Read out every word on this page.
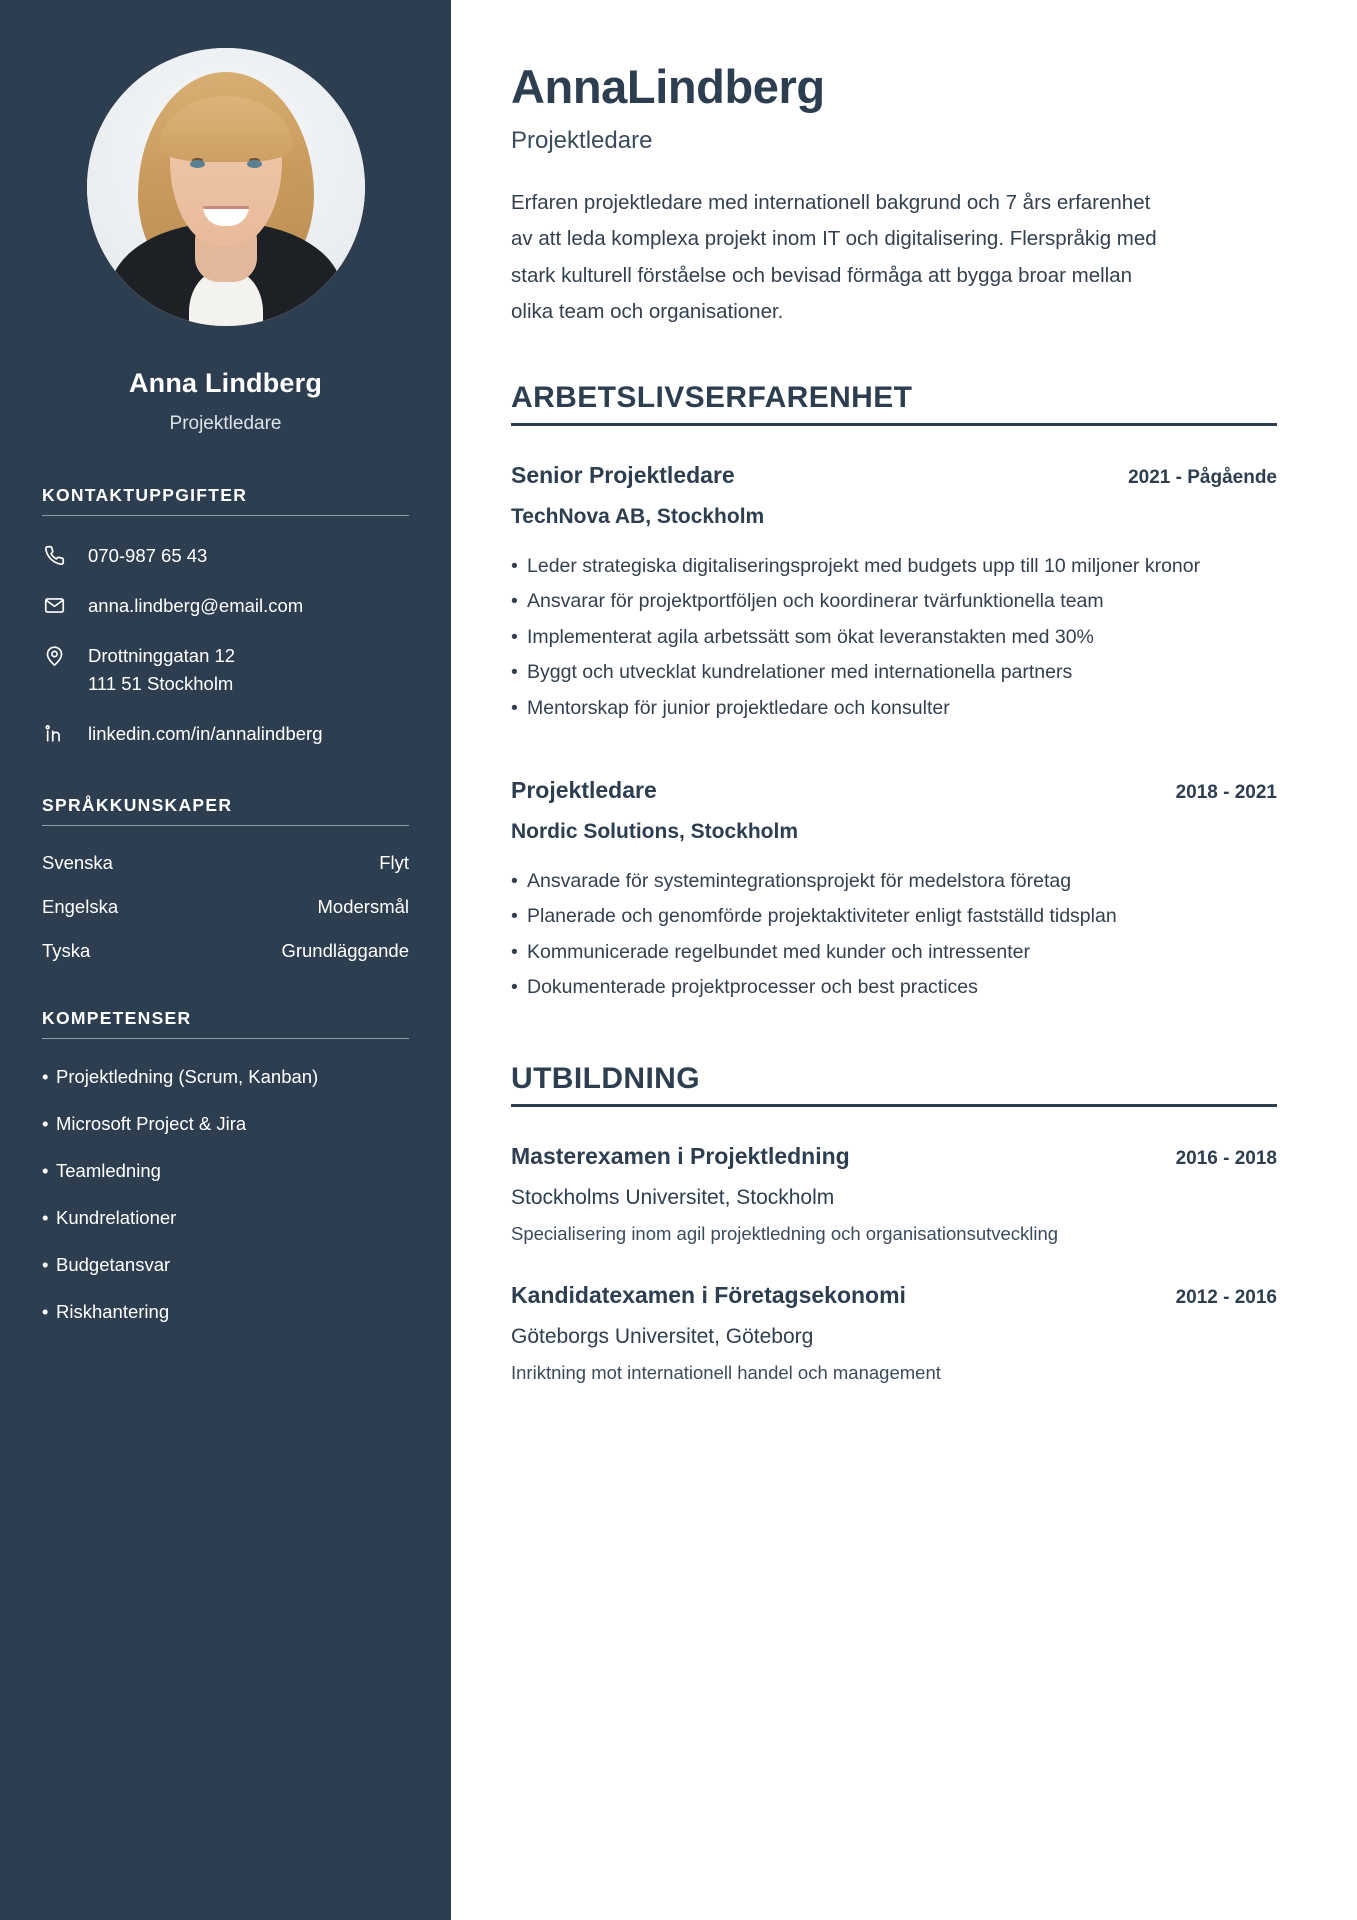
Anna Lindberg
Projektledare
KONTAKTUPPGIFTER
070-987 65 43
anna.lindberg@email.com
Drottninggatan 12
111 51 Stockholm
linkedin.com/in/annalindberg
SPRÅKKUNSKAPER
Svenska	Flyt
Engelska	Modersmål
Tyska	Grundläggande
KOMPETENSER
• Projektledning (Scrum, Kanban)
• Microsoft Project & Jira
• Teamledning
• Kundrelationer
• Budgetansvar
• Riskhantering
AnnaLindberg
Projektledare

Erfaren projektledare med internationell bakgrund och 7 års erfarenhet av att leda komplexa projekt inom IT och digitalisering. Flerspråkig med stark kulturell förståelse och bevisad förmåga att bygga broar mellan olika team och organisationer.

ARBETSLIVSERFARENHET
Senior Projektledare	2021 - Pågående
TechNova AB, Stockholm
• Leder strategiska digitaliseringsprojekt med budgets upp till 10 miljoner kronor
• Ansvarar för projektportföljen och koordinerar tvärfunktionella team
• Implementerat agila arbetssätt som ökat leveranstakten med 30%
• Byggt och utvecklat kundrelationer med internationella partners
• Mentorskap för junior projektledare och konsulter
Projektledare	2018 - 2021
Nordic Solutions, Stockholm
• Ansvarade för systemintegrationsprojekt för medelstora företag
• Planerade och genomförde projektaktiviteter enligt fastställd tidsplan
• Kommunicerade regelbundet med kunder och intressenter
• Dokumenterade projektprocesser och best practices
UTBILDNING
Masterexamen i Projektledning	2016 - 2018
Stockholms Universitet, Stockholm
Specialisering inom agil projektledning och organisationsutveckling
Kandidatexamen i Företagsekonomi	2012 - 2016
Göteborgs Universitet, Göteborg
Inriktning mot internationell handel och management
